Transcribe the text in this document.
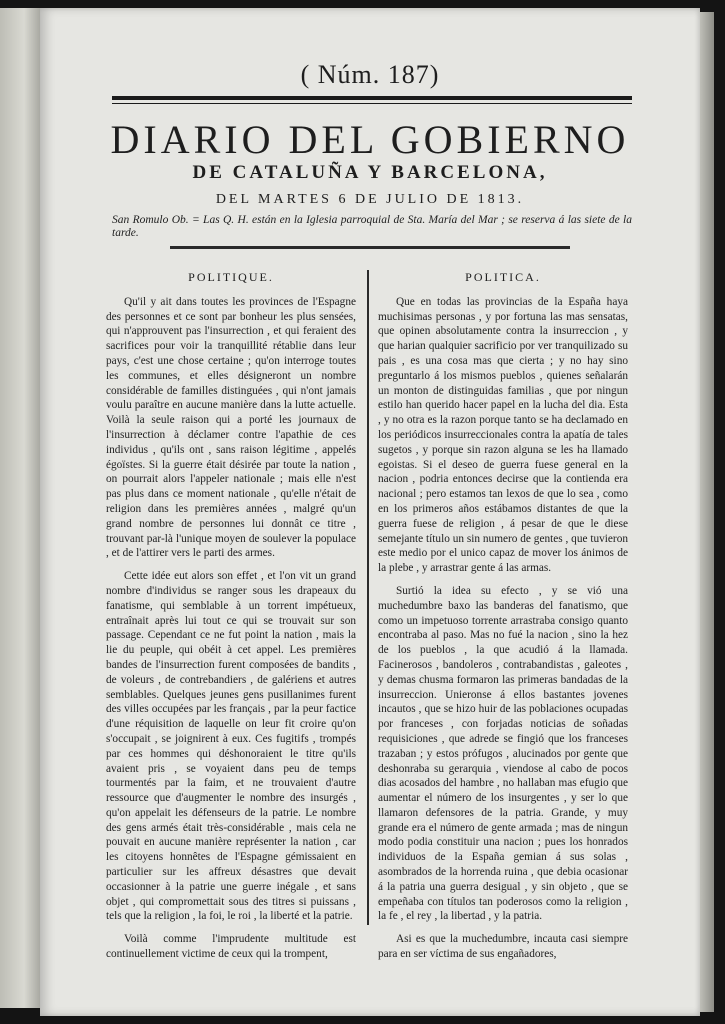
( Núm. 187)
DIARIO DEL GOBIERNO
DE CATALUÑA Y BARCELONA,
DEL MARTES 6 DE JULIO DE 1813.
San Romulo Ob. = Las Q. H. están en la Iglesia parroquial de Sta. María del Mar ; se reserva á las siete de la tarde.
POLITIQUE.

Qu'il y ait dans toutes les provinces de l'Espagne des personnes et ce sont par bonheur les plus sensées, qui n'approuvent pas l'insurrection , et qui feraient des sacrifices pour voir la tranquillité rétablie dans leur pays, c'est une chose certaine ; qu'on interroge toutes les communes, et elles désigneront un nombre considérable de familles distinguées , qui n'ont jamais voulu paraître en aucune manière dans la lutte actuelle. Voilà la seule raison qui a porté les journaux de l'insurrection à déclamer contre l'apathie de ces individus , qu'ils ont , sans raison légitime , appelés égoïstes. Si la guerre était désirée par toute la nation , on pourrait alors l'appeler nationale ; mais elle n'est pas plus dans ce moment nationale , qu'elle n'était de religion dans les premières années , malgré qu'un grand nombre de personnes lui donnât ce titre , trouvant par-là l'unique moyen de soulever la populace , et de l'attirer vers le parti des armes.

Cette idée eut alors son effet , et l'on vit un grand nombre d'individus se ranger sous les drapeaux du fanatisme, qui semblable à un torrent impétueux, entraînait après lui tout ce qui se trouvait sur son passage. Cependant ce ne fut point la nation , mais la lie du peuple, qui obéit à cet appel. Les premières bandes de l'insurrection furent composées de bandits , de voleurs , de contrebandiers , de galériens et autres semblables. Quelques jeunes gens pusillanimes furent des villes occupées par les français , par la peur factice d'une réquisition de laquelle on leur fit croire qu'on s'occupait , se joignirent à eux. Ces fugitifs , trompés par ces hommes qui déshonoraient le titre qu'ils avaient pris , se voyaient dans peu de temps tourmentés par la faim, et ne trouvaient d'autre ressource que d'augmenter le nombre des insurgés , qu'on appelait les défenseurs de la patrie. Le nombre des gens armés était très-considérable , mais cela ne pouvait en aucune manière représenter la nation , car les citoyens honnêtes de l'Espagne gémissaient en particulier sur les affreux désastres que devait occasionner à la patrie une guerre inégale , et sans objet , qui compromettait sous des titres si puissans , tels que la religion , la foi, le roi , la liberté et la patrie.

Voilà comme l'imprudente multitude est continuellement victime de ceux qui la trompent,

POLITICA.

Que en todas las provincias de la España haya muchisimas personas , y por fortuna las mas sensatas, que opinen absolutamente contra la insurreccion , y que harian qualquier sacrificio por ver tranquilizado su pais , es una cosa mas que cierta ; y no hay sino preguntarlo á los mismos pueblos , quienes señalarán un monton de distinguidas familias , que por ningun estilo han querido hacer papel en la lucha del dia. Esta , y no otra es la razon porque tanto se ha declamado en los periódicos insurreccionales contra la apatía de tales sugetos , y porque sin razon alguna se les ha llamado egoistas. Si el deseo de guerra fuese general en la nacion , podria entonces decirse que la contienda era nacional ; pero estamos tan lexos de que lo sea , como en los primeros años estábamos distantes de que la guerra fuese de religion , á pesar de que le diese semejante título un sin numero de gentes , que tuvieron este medio por el unico capaz de mover los ánimos de la plebe , y arrastrar gente á las armas.

Surtió la idea su efecto , y se vió una muchedumbre baxo las banderas del fanatismo, que como un impetuoso torrente arrastraba consigo quanto encontraba al paso. Mas no fué la nacion , sino la hez de los pueblos , la que acudió á la llamada. Facinerosos , bandoleros , contrabandistas , galeotes , y demas chusma formaron las primeras bandadas de la insurreccion. Unieronse á ellos bastantes jovenes incautos , que se hizo huir de las poblaciones ocupadas por franceses , con forjadas noticias de soñadas requisiciones , que adrede se fingió que los franceses trazaban ; y estos prófugos , alucinados por gente que deshonraba su gerarquia , viendose al cabo de pocos dias acosados del hambre , no hallaban mas efugio que aumentar el número de los insurgentes , y ser lo que llamaron defensores de la patria. Grande, y muy grande era el número de gente armada ; mas de ningun modo podia constituir una nacion ; pues los honrados individuos de la España gemian á sus solas , asombrados de la horrenda ruina , que debia ocasionar á la patria una guerra desigual , y sin objeto , que se empeñaba con títulos tan poderosos como la religion , la fe , el rey , la libertad , y la patria.

Asi es que la muchedumbre, incauta casi siempre para en ser víctima de sus engañadores,
